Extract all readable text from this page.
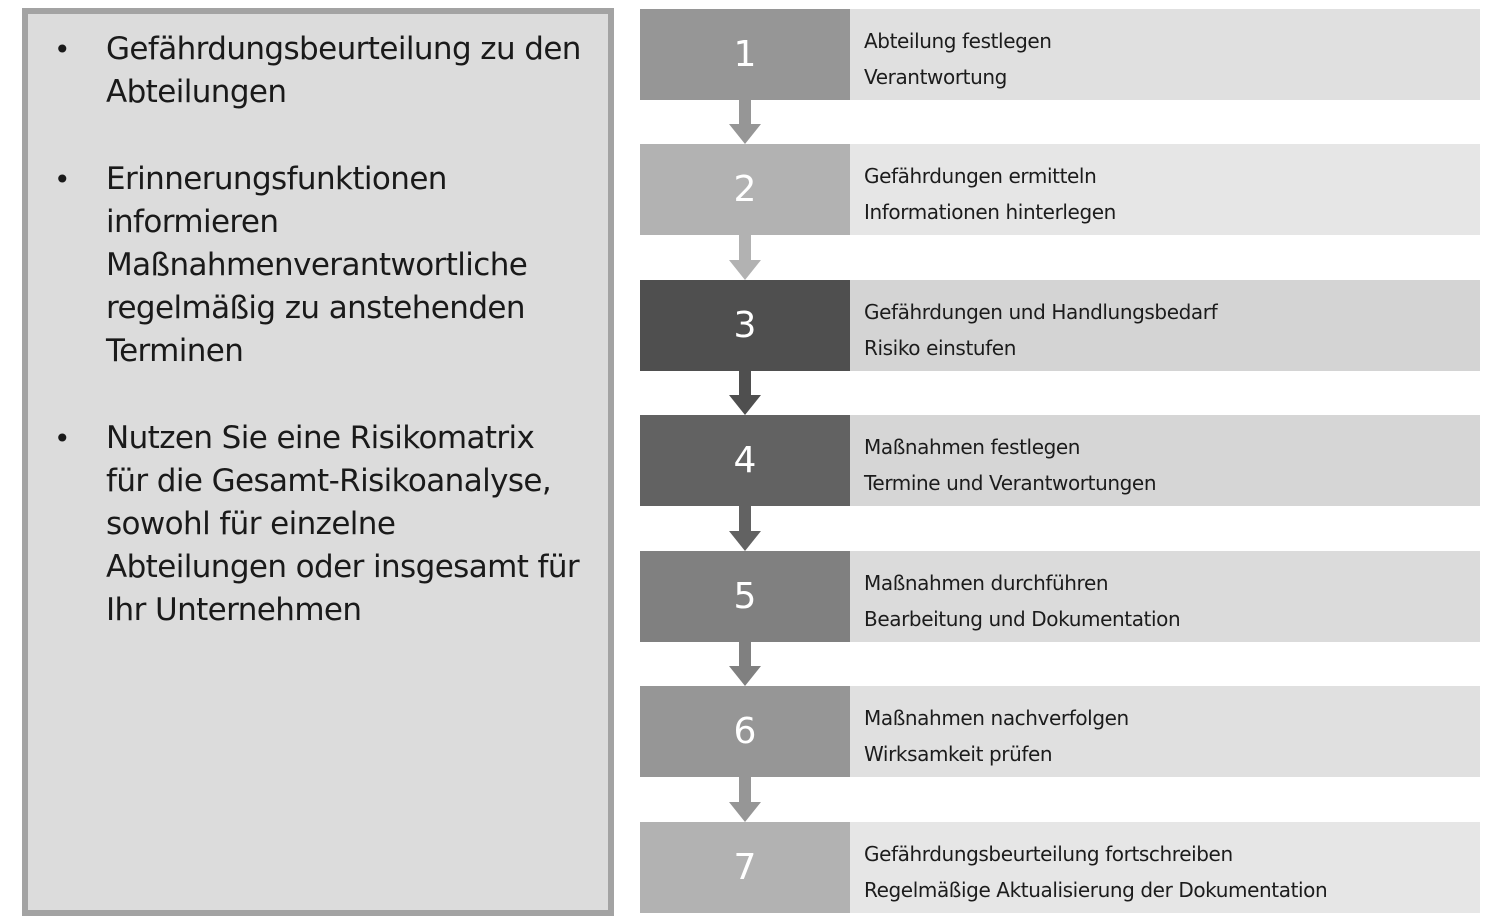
• Gefährdungsbeurteilung zu den Abteilungen
• Erinnerungsfunktionen informieren Maßnahmenverantwortliche regelmäßig zu anstehenden Terminen
• Nutzen Sie eine Risikomatrix für die Gesamt-Risikoanalyse, sowohl für einzelne Abteilungen oder insgesamt für Ihr Unternehmen
1	Abteilung festlegen
Verantwortung
2	Gefährdungen ermitteln
Informationen hinterlegen
3	Gefährdungen und Handlungsbedarf
Risiko einstufen
4	Maßnahmen festlegen
Termine und Verantwortungen
5	Maßnahmen durchführen
Bearbeitung und Dokumentation
6	Maßnahmen nachverfolgen
Wirksamkeit prüfen
7	Gefährdungsbeurteilung fortschreiben
Regelmäßige Aktualisierung der Dokumentation
